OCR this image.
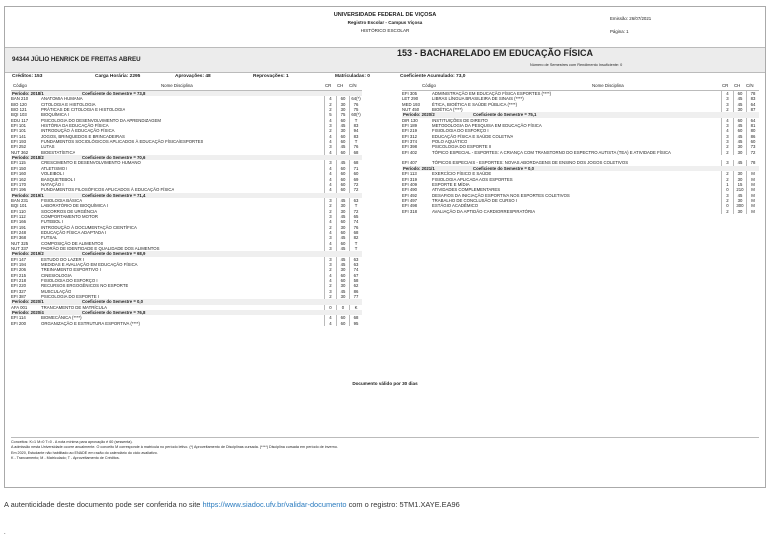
UNIVERSIDADE FEDERAL DE VIÇOSA
Registro Escolar - Campus Viçosa
HISTÓRICO ESCOLAR
Emissão: 26/07/2021
Página: 1
94344 JÚLIO HENRICK DE FREITAS ABREU
153 - BACHARELADO EM EDUCAÇÃO FÍSICA
Número de Semestres com Rendimento Insuficiente: 0
Créditos: 153	Carga Horária: 2295	Aprovações: 48	Reprovações: 1	Matriculadas: 0	Coeficiente Acumulado: 73,0
Código	Nome Disciplina	CR CH C/N	Código	Nome Disciplina	CR CH C/N
Período: 2018/1	Coeficiente do Semestre = 73,8
BAN 210	ANATOMIA HUMANA	4 60 64(*)
BIO 120	CITOLOGIA E HISTOLOGIA	2 30 76
BIO 121	PRÁTICAS DE CITOLOGIA E HISTOLOGIA	2 30 75
BQI 103	BIOQUÍMICA I	5 75 60(*)
EDU 117	PSICOLOGIA DO DESENVOLVIMENTO DA APRENDIZAGEM	4 60 T
EFI 101	HISTÓRIA DA EDUCAÇÃO FÍSICA	3 45 83
EFI 101	INTRODUÇÃO À EDUCAÇÃO FÍSICA	2 30 94
EFI 141	JOGOS, BRINQUEDOS E BRINCADEIRAS	4 60 83
EFI 193	FUNDAMENTOS SOCIOLÓGICOS APLICADOS À EDUCAÇÃO FÍSICA/ESPORTES	4 60 T
EFI 252	LUTAS	3 45 76
NUT 362	BIOESTATÍSTICA	4 60 68
Período: 2018/2	Coeficiente do Semestre = 70,6
EFI 115	CRESCIMENTO E DESENVOLVIMENTO HUMANO	3 45 68
EFI 150	ATLETISMO I	4 60 71
EFI 160	VOLEIBOL I	4 60 60
EFI 162	BASQUETEBOL I	4 60 69
EFI 170	NATAÇÃO I	4 60 72
EFI 196	FUNDAMENTOS FILOSÓFICOS APLICADOS À EDUCAÇÃO FÍSICA	4 60 72
Período: 2019/1	Coeficiente do Semestre = 71,4
BAN 231	FISIOLOGIA BÁSICA	3 45 63
BQI 101	LABORATÓRIO DE BIOQUÍMICA I	2 30 T
EFI 110	SOCORROS DE URGÊNCIA	2 30 72
EFI 112	COMPORTAMENTO MOTOR	3 45 65
EFI 166	FUTEBOL I	4 60 74
EFI 191	INTRODUÇÃO À DOCUMENTAÇÃO CIENTÍFICA	2 30 76
EFI 248	EDUCAÇÃO FÍSICA ADAPTADA I	4 60 68
EFI 368	FUTSAL	3 45 82
NUT 325	COMPOSIÇÃO DE ALIMENTOS	4 60 T
NUT 337	PADRÃO DE IDENTIDADE E QUALIDADE DOS ALIMENTOS	3 45 T
Período: 2019/2	Coeficiente do Semestre = 68,9
EFI 147	ESTUDO DO LAZER I	3 45 63
EFI 194	MEDIDAS E AVALIAÇÃO EM EDUCAÇÃO FÍSICA	3 45 63
EFI 206	TREINAMENTO ESPORTIVO I	2 30 74
EFI 215	CINESIOLOGIA	4 60 67
EFI 218	FISIOLOGIA DO ESFORÇO I	4 60 58
EFI 220	RECURSOS ERGOGÊNICOS NO ESPORTE	2 30 62
EFI 327	MUSCULAÇÃO	3 45 86
EFI 387	PSICOLOGIA DO ESPORTE I	2 30 77
Período: 2020/1	Coeficiente do Semestre = 0,0
AFA 001	TRANCAMENTO DE MATRÍCULA	0 0 K
Período: 2020/4	Coeficiente do Semestre = 76,8
EFI 114	BIOMECÂNICA (****)	4 60 68
EFI 200	ORGANIZAÇÃO E ESTRUTURA ESPORTIVA (****)	4 60 95
EFI 305	ADMINISTRAÇÃO EM EDUCAÇÃO FÍSICA ESPORTES (****)	4 60 78
LET 290	LIBRAS LÍNGUA BRASILEIRA DE SINAIS (****)	3 45 83
MED 193	ÉTICA, BIOÉTICA E SAÚDE PÚBLICA (****)	3 45 64
NUT 450	BIOÉTICA (****)	2 30 87
Período: 2020/2	Coeficiente do Semestre = 75,1
DIR 130	INSTITUIÇÕES DE DIREITO	4 60 64
EFI 189	METODOLOGIA DA PESQUISA EM EDUCAÇÃO FÍSICA	3 45 81
EFI 219	FISIOLOGIA DO ESFORÇO I	4 60 80
EFI 312	EDUCAÇÃO FÍSICA E SAÚDE COLETIVA	3 45 86
EFI 374	POLO AQUÁTICO	3 45 60
EFI 398	PSICOLOGIA DO ESPORTE II	2 30 73
EFI 402	TÓPICO ESPECIAL - ESPORTES: A CRIANÇA COM TRANSTORNO DO ESPECTRO AUTISTA (TEA) E ATIVIDADE FÍSICA	2 30 72
EFI 407	TÓPICOS ESPECIAIS - ESPORTES: NOVAS ABORDAGENS DE ENSINO DOS JOGOS COLETIVOS	3 45 78
Período: 2021/1	Coeficiente do Semestre = 0,0
EFI 113	EXERCÍCIO FÍSICO E SAÚDE	2 30 M
EFI 319	FISIOLOGIA APLICADA AOS ESPORTES	2 30 M
EFI 409	ESPORTE E MÍDIA	1 15 M
EFI 490	ATIVIDADES COMPLEMENTARES	0 210 M
EFI 492	DESAFIOS DA INICIAÇÃO ESPORTIVA NOS ESPORTES COLETIVOS	3 45 M
EFI 497	TRABALHO DE CONCLUSÃO DE CURSO I	2 30 M
EFI 498	ESTÁGIO ACADÊMICO	0 300 M
EFI 318	AVALIAÇÃO DA APTIDÃO CARDIORRESPIRATÓRIA	2 30 M
Documento válido por 30 dias
Conceitos: K=1 M=0 T=0 - A nota mínima para aprovação é 60 (sessenta).
A admissão nesta Universidade ocorre anualmente. O conceito M corresponde à matrícula no período letivo. (*) Aproveitamento de Disciplinas cursada. (****) Disciplina cursada em período de inverno.
Em 2020, Estudante não habilitado ao ENADE em razão do calendário do ciclo avaliativo.
K - Trancamento; M - Matriculado; T - Aproveitamento de Créditos.
A autenticidade deste documento pode ser conferida no site https://www.siadoc.ufv.br/validar-documento com o registro: 5TM1.XAYE.EA96
.
